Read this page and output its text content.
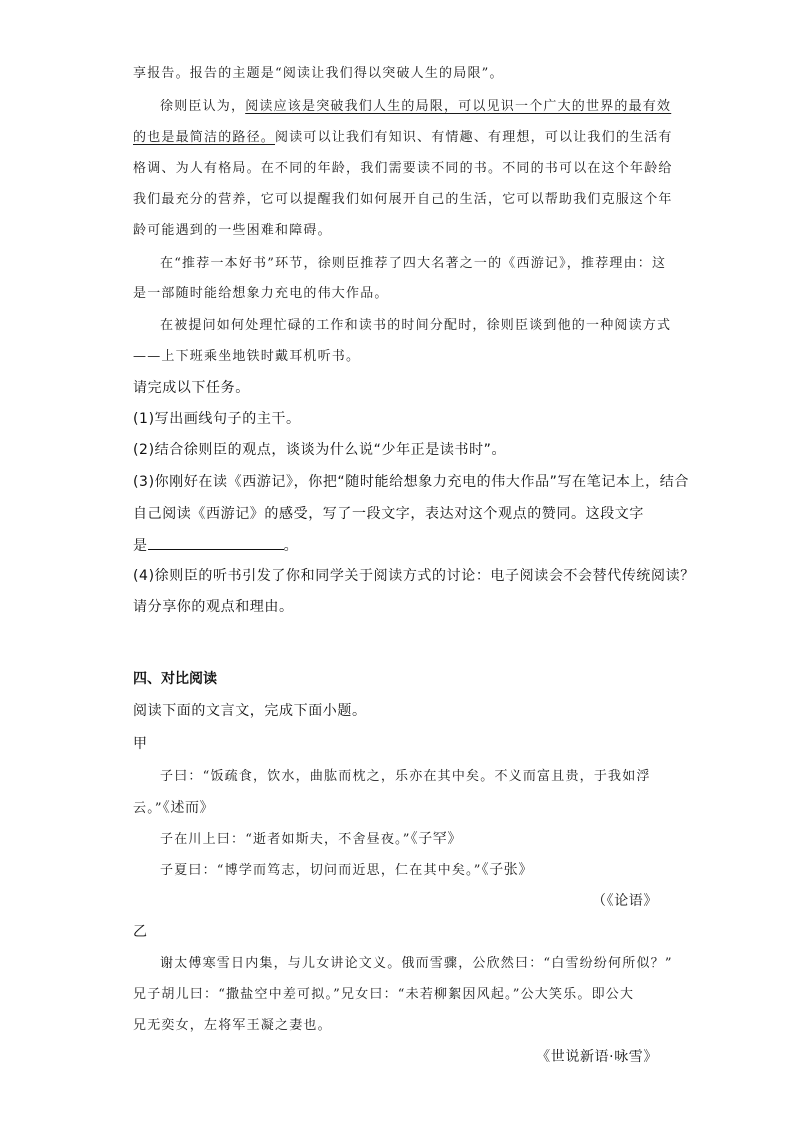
享报告。报告的主题是“阅读让我们得以突破人生的局限”。
徐则臣认为，阅读应该是突破我们人生的局限，可以见识一个广大的世界的最有效
的也是最简洁的路径。阅读可以让我们有知识、有情趣、有理想，可以让我们的生活有
格调、为人有格局。在不同的年龄，我们需要读不同的书。不同的书可以在这个年龄给
我们最充分的营养，它可以提醒我们如何展开自己的生活，它可以帮助我们克服这个年
龄可能遇到的一些困难和障碍。
在“推荐一本好书”环节，徐则臣推荐了四大名著之一的《西游记》，推荐理由：这
是一部随时能给想象力充电的伟大作品。
在被提问如何处理忙碌的工作和读书的时间分配时，徐则臣谈到他的一种阅读方式
——上下班乘坐地铁时戴耳机听书。
请完成以下任务。
(1)写出画线句子的主干。
(2)结合徐则臣的观点，谈谈为什么说“少年正是读书时”。
(3)你刚好在读《西游记》，你把“随时能给想象力充电的伟大作品”写在笔记本上，结合
自己阅读《西游记》的感受，写了一段文字，表达对这个观点的赞同。这段文字
是	。
(4)徐则臣的听书引发了你和同学关于阅读方式的讨论：电子阅读会不会替代传统阅读？
请分享你的观点和理由。
四、对比阅读
阅读下面的文言文，完成下面小题。
甲
子曰：“饭疏食，饮水，曲肱而枕之，乐亦在其中矣。不义而富且贵，于我如浮
云。”《述而》
子在川上曰：“逝者如斯夫，不舍昼夜。”《子罕》
子夏曰：“博学而笃志，切问而近思，仁在其中矣。”《子张》
（《论语》
乙
谢太傅寒雪日内集，与儿女讲论文义。俄而雪骤，公欣然曰：“白雪纷纷何所似？”
兄子胡儿曰：“撒盐空中差可拟。”兄女曰：“未若柳絮因风起。”公大笑乐。即公大
兄无奕女，左将军王凝之妻也。
《世说新语·咏雪》
